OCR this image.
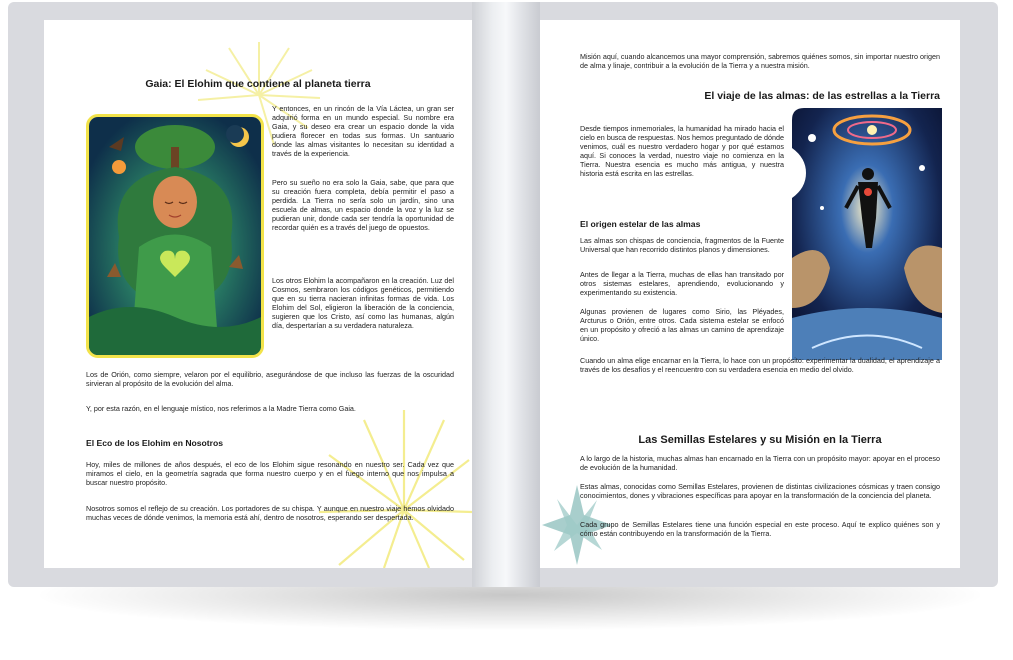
Gaia: El Elohim que contiene al planeta tierra

Y entonces, en un rincón de la Vía Láctea, un gran ser adquirió forma en un mundo especial. Su nombre era Gaia, y su deseo era crear un espacio donde la vida pudiera florecer en todas sus formas. Un santuario donde las almas visitantes lo necesitan su identidad a través de la experiencia.

Pero su sueño no era solo la Gaia, sabe, que para que su creación fuera completa, debía permitir el paso a perdida. La Tierra no sería solo un jardín, sino una escuela de almas, un espacio donde la voz y la luz se pudieran unir, donde cada ser tendría la oportunidad de recordar quién es a través del juego de opuestos.

Los otros Elohim la acompañaron en la creación. Luz del Cosmos, sembraron los códigos genéticos, permitiendo que en su tierra nacieran infinitas formas de vida. Los Elohim del Sol, eligieron la liberación de la conciencia, sugieren que los Cristo, así como las humanas, algún día, despertarían a su verdadera naturaleza.

Los de Orión, como siempre, velaron por el equilibrio, asegurándose de que incluso las fuerzas de la oscuridad sirvieran al propósito de la evolución del alma.

Y, por esta razón, en el lenguaje místico, nos referimos a la Madre Tierra como Gaia.

El Eco de los Elohim en Nosotros

Hoy, miles de millones de años después, el eco de los Elohim sigue resonando en nuestro ser. Cada vez que miramos el cielo, en la geometría sagrada que forma nuestro cuerpo y en el fuego interno que nos impulsa a buscar nuestro propósito.

Nosotros somos el reflejo de su creación. Los portadores de su chispa. Y aunque en nuestro viaje hemos olvidado muchas veces de dónde venimos, la memoria está ahí, dentro de nosotros, esperando ser despertada.

Misión aquí, cuando alcancemos una mayor comprensión, sabremos quiénes somos, sin importar nuestro origen de alma y linaje, contribuir a la evolución de la Tierra y a nuestra misión.

El viaje de las almas: de las estrellas a la Tierra

Desde tiempos inmemoriales, la humanidad ha mirado hacia el cielo en busca de respuestas. Nos hemos preguntado de dónde venimos, cuál es nuestro verdadero hogar y por qué estamos aquí. Si conoces la verdad, nuestro viaje no comienza en la Tierra. Nuestra esencia es mucho más antigua, y nuestra historia está escrita en las estrellas.

El origen estelar de las almas

Las almas son chispas de conciencia, fragmentos de la Fuente Universal que han recorrido distintos planos y dimensiones.

Antes de llegar a la Tierra, muchas de ellas han transitado por otros sistemas estelares, aprendiendo, evolucionando y experimentando su existencia.

Algunas provienen de lugares como Sirio, las Pléyades, Arcturus o Orión, entre otros. Cada sistema estelar se enfocó en un propósito y ofreció a las almas un camino de aprendizaje único.

Cuando un alma elige encarnar en la Tierra, lo hace con un propósito: experimentar la dualidad, el aprendizaje a través de los desafíos y el reencuentro con su verdadera esencia en medio del olvido.

Las Semillas Estelares y su Misión en la Tierra

A lo largo de la historia, muchas almas han encarnado en la Tierra con un propósito mayor: apoyar en el proceso de evolución de la humanidad.

Estas almas, conocidas como Semillas Estelares, provienen de distintas civilizaciones cósmicas y traen consigo conocimientos, dones y vibraciones específicas para apoyar en la transformación de la conciencia del planeta.

Cada grupo de Semillas Estelares tiene una función especial en este proceso. Aquí te explico quiénes son y cómo están contribuyendo en la transformación de la Tierra.
